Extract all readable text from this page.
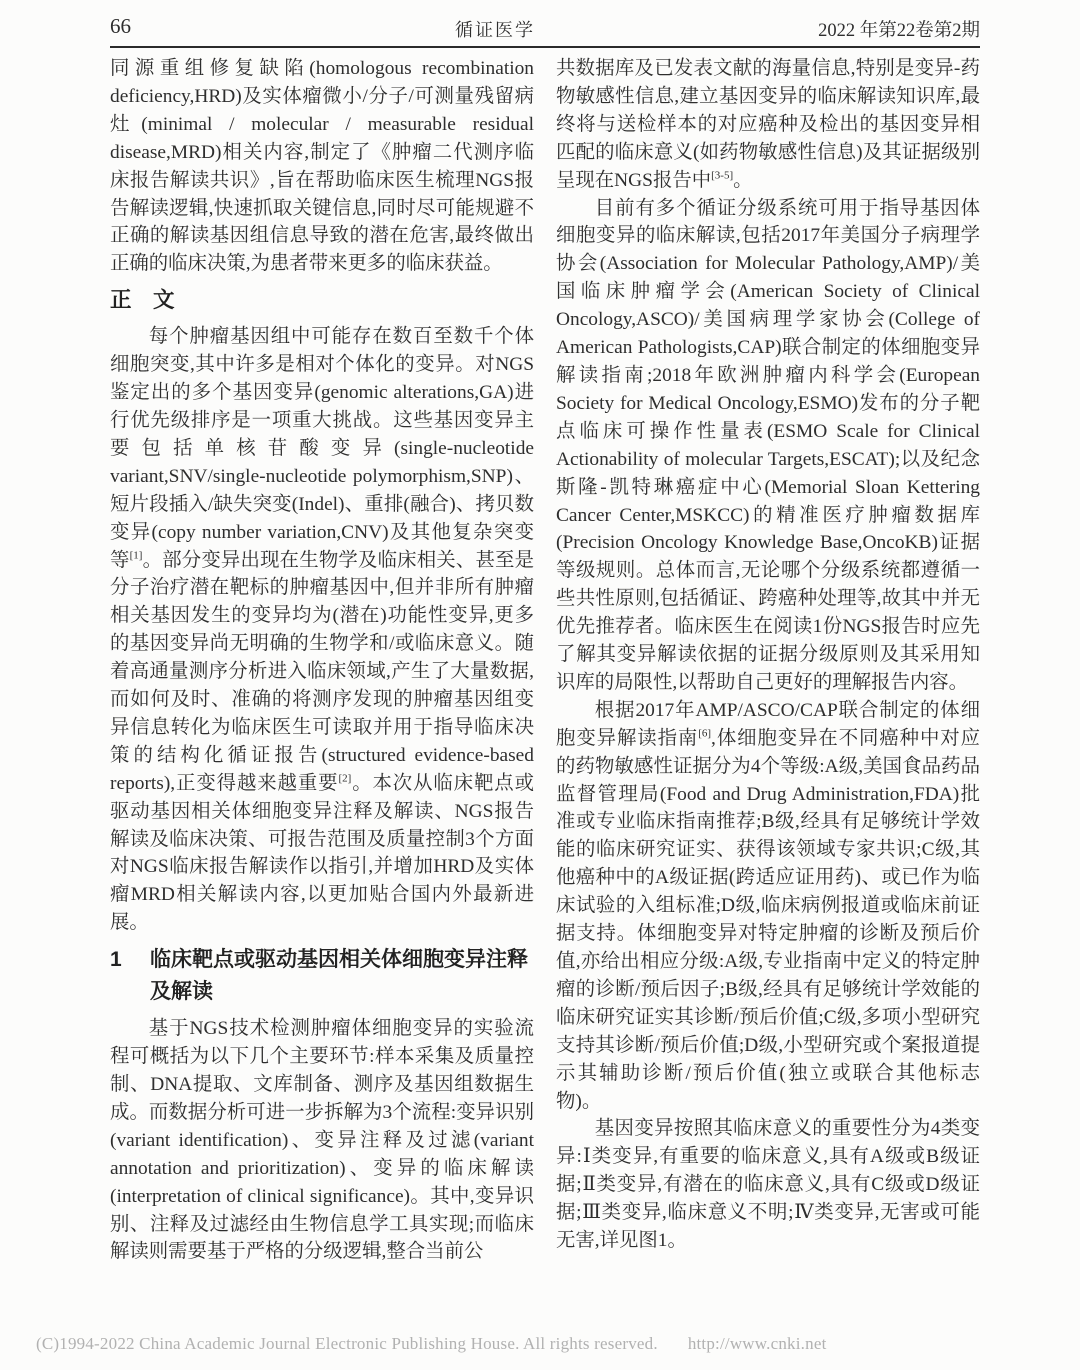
66	循证医学	2022 年第22卷第2期

同源重组修复缺陷(homologous recombination deficiency,HRD)及实体瘤微小/分子/可测量残留病灶(minimal / molecular / measurable residual disease,MRD)相关内容,制定了《肿瘤二代测序临床报告解读共识》,旨在帮助临床医生梳理NGS报告解读逻辑,快速抓取关键信息,同时尽可能规避不正确的解读基因组信息导致的潜在危害,最终做出正确的临床决策,为患者带来更多的临床获益。

正　文

每个肿瘤基因组中可能存在数百至数千个体细胞突变,其中许多是相对个体化的变异。对NGS鉴定出的多个基因变异(genomic alterations,GA)进行优先级排序是一项重大挑战。这些基因变异主要包括单核苷酸变异(single-nucleotide variant,SNV/single-nucleotide polymorphism,SNP)、短片段插入/缺失突变(Indel)、重排(融合)、拷贝数变异(copy number variation,CNV)及其他复杂突变等[1]。部分变异出现在生物学及临床相关、甚至是分子治疗潜在靶标的肿瘤基因中,但并非所有肿瘤相关基因发生的变异均为(潜在)功能性变异,更多的基因变异尚无明确的生物学和/或临床意义。随着高通量测序分析进入临床领域,产生了大量数据,而如何及时、准确的将测序发现的肿瘤基因组变异信息转化为临床医生可读取并用于指导临床决策的结构化循证报告(structured evidence-based reports),正变得越来越重要[2]。本次从临床靶点或驱动基因相关体细胞变异注释及解读、NGS报告解读及临床决策、可报告范围及质量控制3个方面对NGS临床报告解读作以指引,并增加HRD及实体瘤MRD相关解读内容,以更加贴合国内外最新进展。

1	临床靶点或驱动基因相关体细胞变异注释及解读

基于NGS技术检测肿瘤体细胞变异的实验流程可概括为以下几个主要环节:样本采集及质量控制、DNA提取、文库制备、测序及基因组数据生成。而数据分析可进一步拆解为3个流程:变异识别(variant identification)、变异注释及过滤(variant annotation and prioritization)、变异的临床解读(interpretation of clinical significance)。其中,变异识别、注释及过滤经由生物信息学工具实现;而临床解读则需要基于严格的分级逻辑,整合当前公

共数据库及已发表文献的海量信息,特别是变异-药物敏感性信息,建立基因变异的临床解读知识库,最终将与送检样本的对应癌种及检出的基因变异相匹配的临床意义(如药物敏感性信息)及其证据级别呈现在NGS报告中[3-5]。

目前有多个循证分级系统可用于指导基因体细胞变异的临床解读,包括2017年美国分子病理学协会(Association for Molecular Pathology,AMP)/美国临床肿瘤学会(American Society of Clinical Oncology,ASCO)/美国病理学家协会(College of American Pathologists,CAP)联合制定的体细胞变异解读指南;2018年欧洲肿瘤内科学会(European Society for Medical Oncology,ESMO)发布的分子靶点临床可操作性量表(ESMO Scale for Clinical Actionability of molecular Targets,ESCAT);以及纪念斯隆-凯特琳癌症中心(Memorial Sloan Kettering Cancer Center,MSKCC)的精准医疗肿瘤数据库(Precision Oncology Knowledge Base,OncoKB)证据等级规则。总体而言,无论哪个分级系统都遵循一些共性原则,包括循证、跨癌种处理等,故其中并无优先推荐者。临床医生在阅读1份NGS报告时应先了解其变异解读依据的证据分级原则及其采用知识库的局限性,以帮助自己更好的理解报告内容。

根据2017年AMP/ASCO/CAP联合制定的体细胞变异解读指南[6],体细胞变异在不同癌种中对应的药物敏感性证据分为4个等级:A级,美国食品药品监督管理局(Food and Drug Administration,FDA)批准或专业临床指南推荐;B级,经具有足够统计学效能的临床研究证实、获得该领域专家共识;C级,其他癌种中的A级证据(跨适应证用药)、或已作为临床试验的入组标准;D级,临床病例报道或临床前证据支持。体细胞变异对特定肿瘤的诊断及预后价值,亦给出相应分级:A级,专业指南中定义的特定肿瘤的诊断/预后因子;B级,经具有足够统计学效能的临床研究证实其诊断/预后价值;C级,多项小型研究支持其诊断/预后价值;D级,小型研究或个案报道提示其辅助诊断/预后价值(独立或联合其他标志物)。

基因变异按照其临床意义的重要性分为4类变异:Ⅰ类变异,有重要的临床意义,具有A级或B级证据;Ⅱ类变异,有潜在的临床意义,具有C级或D级证据;Ⅲ类变异,临床意义不明;Ⅳ类变异,无害或可能无害,详见图1。

(C)1994-2022 China Academic Journal Electronic Publishing House. All rights reserved. http://www.cnki.net
